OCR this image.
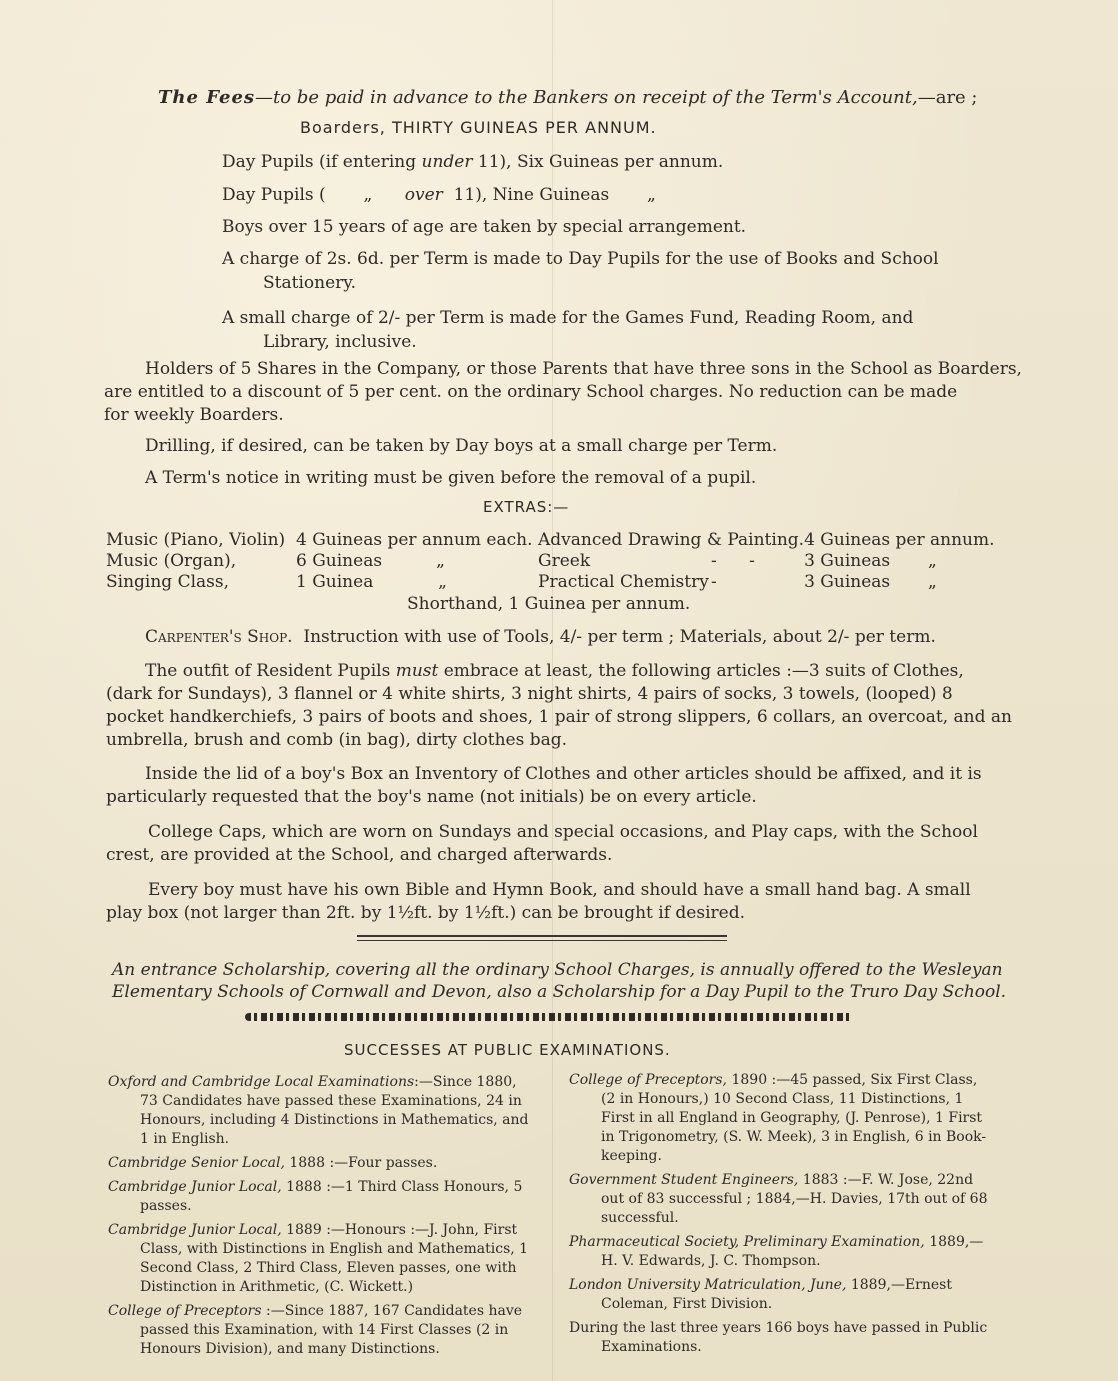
The Fees—to be paid in advance to the Bankers on receipt of the Term's Account,—are ;
Boarders, THIRTY GUINEAS PER ANNUM.
Day Pupils (if entering under 11), Six Guineas per annum.
Day Pupils (       „      over  11), Nine Guineas       „
Boys over 15 years of age are taken by special arrangement.
A charge of 2s. 6d. per Term is made to Day Pupils for the use of Books and School
Stationery.
A small charge of 2/- per Term is made for the Games Fund, Reading Room, and
Library, inclusive.
Holders of 5 Shares in the Company, or those Parents that have three sons in the School as Boarders,
are entitled to a discount of 5 per cent. on the ordinary School charges. No reduction can be made
for weekly Boarders.
Drilling, if desired, can be taken by Day boys at a small charge per Term.
A Term's notice in writing must be given before the removal of a pupil.
EXTRAS:—
Music (Piano, Violin)	4 Guineas per annum each.	Advanced Drawing & Painting.		4 Guineas per annum.
Music (Organ),	6 Guineas          „	Greek	-      -	3 Guineas       „
Singing Class,	1 Guinea            „	Practical Chemistry	-	3 Guineas       „
Shorthand, 1 Guinea per annum.
Carpenter's Shop. Instruction with use of Tools, 4/- per term ; Materials, about 2/- per term.
The outfit of Resident Pupils must embrace at least, the following articles :—3 suits of Clothes,
(dark for Sundays), 3 flannel or 4 white shirts, 3 night shirts, 4 pairs of socks, 3 towels, (looped) 8
pocket handkerchiefs, 3 pairs of boots and shoes, 1 pair of strong slippers, 6 collars, an overcoat, and an
umbrella, brush and comb (in bag), dirty clothes bag.
Inside the lid of a boy's Box an Inventory of Clothes and other articles should be affixed, and it is
particularly requested that the boy's name (not initials) be on every article.
College Caps, which are worn on Sundays and special occasions, and Play caps, with the School
crest, are provided at the School, and charged afterwards.
Every boy must have his own Bible and Hymn Book, and should have a small hand bag. A small
play box (not larger than 2ft. by 1½ft. by 1½ft.) can be brought if desired.
An entrance Scholarship, covering all the ordinary School Charges, is annually offered to the Wesleyan
Elementary Schools of Cornwall and Devon, also a Scholarship for a Day Pupil to the Truro Day School.
SUCCESSES AT PUBLIC EXAMINATIONS.

Oxford and Cambridge Local Examinations:—Since 1880, 73 Candidates have passed these Examinations, 24 in Honours, including 4 Distinctions in Mathematics, and 1 in English.

Cambridge Senior Local, 1888 :—Four passes.

Cambridge Junior Local, 1888 :—1 Third Class Honours, 5 passes.

Cambridge Junior Local, 1889 :—Honours :—J. John, First Class, with Distinctions in English and Mathematics, 1 Second Class, 2 Third Class, Eleven passes, one with Distinction in Arithmetic, (C. Wickett.)

College of Preceptors :—Since 1887, 167 Candidates have passed this Examination, with 14 First Classes (2 in Honours Division), and many Distinctions.

College of Preceptors, 1890 :—45 passed, Six First Class, (2 in Honours,) 10 Second Class, 11 Distinctions, 1 First in all England in Geography, (J. Penrose), 1 First in Trigonometry, (S. W. Meek), 3 in English, 6 in Book-keeping.

Government Student Engineers, 1883 :—F. W. Jose, 22nd out of 83 successful ; 1884,—H. Davies, 17th out of 68 successful.

Pharmaceutical Society, Preliminary Examination, 1889,—H. V. Edwards, J. C. Thompson.

London University Matriculation, June, 1889,—Ernest Coleman, First Division.

During the last three years 166 boys have passed in Public Examinations.
